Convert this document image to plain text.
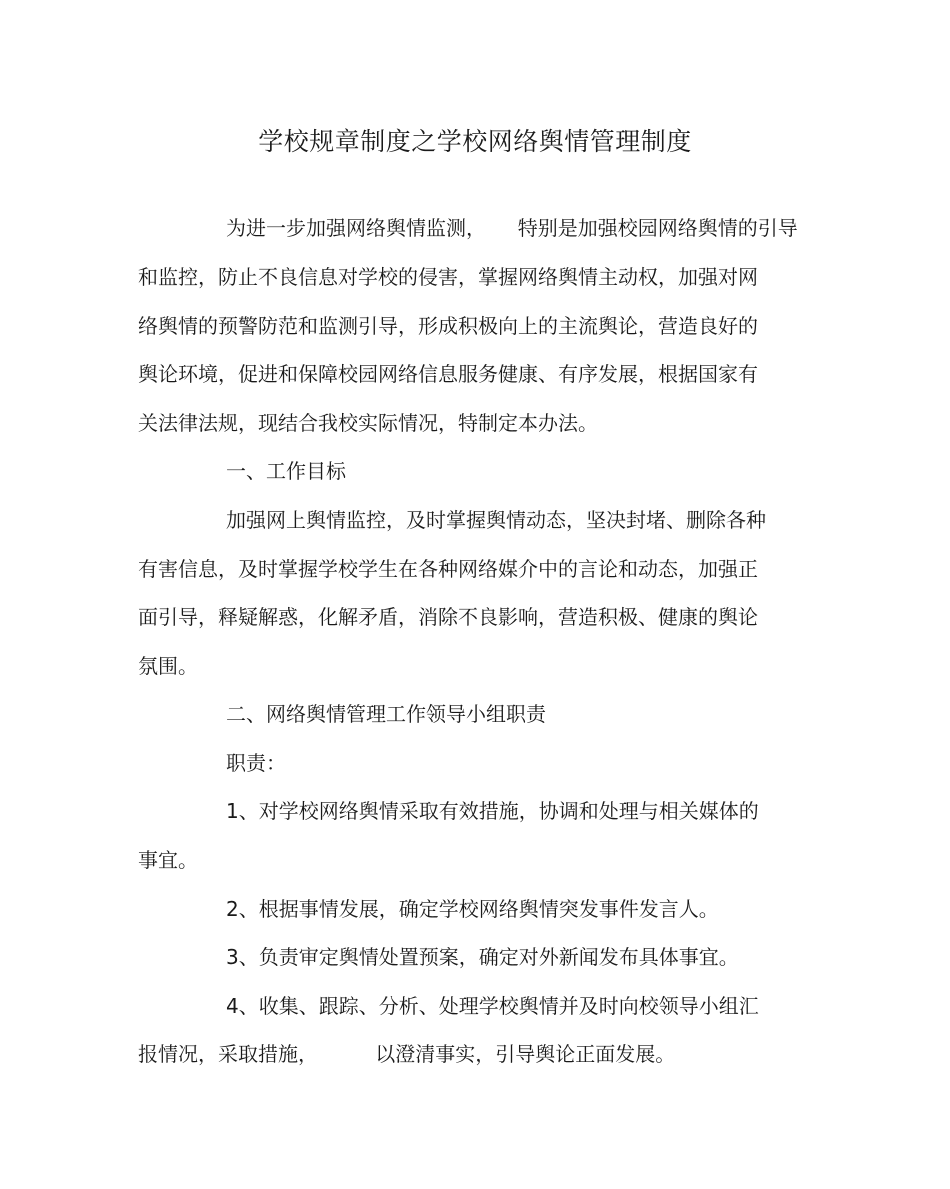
学校规章制度之学校网络舆情管理制度
为进一步加强网络舆情监测，     特别是加强校园网络舆情的引导
和监控，防止不良信息对学校的侵害，掌握网络舆情主动权，加强对网
络舆情的预警防范和监测引导，形成积极向上的主流舆论，营造良好的
舆论环境，促进和保障校园网络信息服务健康、有序发展，根据国家有
关法律法规，现结合我校实际情况，特制定本办法。
一、工作目标
加强网上舆情监控，及时掌握舆情动态，坚决封堵、删除各种
有害信息，及时掌握学校学生在各种网络媒介中的言论和动态，加强正
面引导，释疑解惑，化解矛盾，消除不良影响，营造积极、健康的舆论
氛围。
二、网络舆情管理工作领导小组职责
职责：
1、对学校网络舆情采取有效措施，协调和处理与相关媒体的
事宜。
2、根据事情发展，确定学校网络舆情突发事件发言人。
3、负责审定舆情处置预案，确定对外新闻发布具体事宜。
4、收集、跟踪、分析、处理学校舆情并及时向校领导小组汇
报情况，采取措施，         以澄清事实，引导舆论正面发展。
